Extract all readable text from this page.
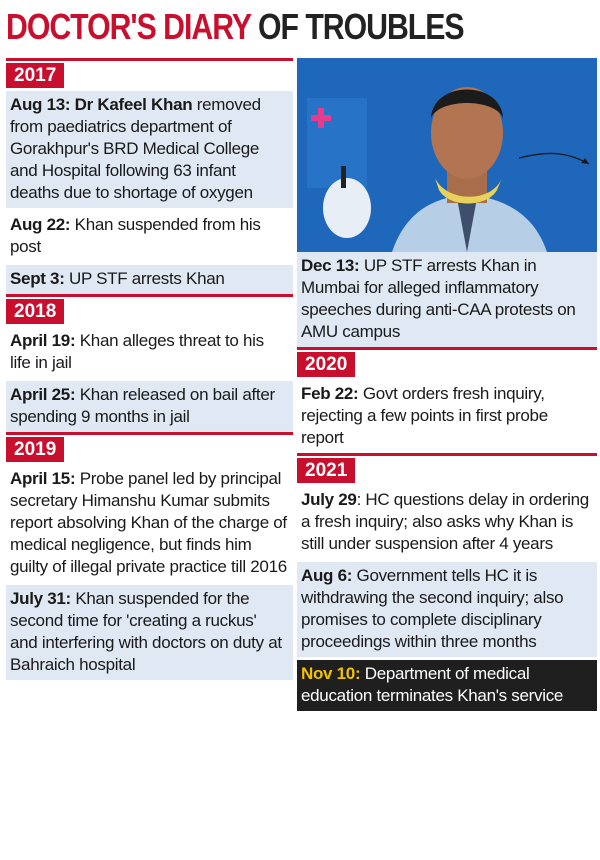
DOCTOR'S DIARY OF TROUBLES
2017
Aug 13: Dr Kafeel Khan removed from paediatrics department of Gorakhpur's BRD Medical College and Hospital following 63 infant deaths due to shortage of oxygen
Aug 22: Khan suspended from his post
Sept 3: UP STF arrests Khan
2018
April 19: Khan alleges threat to his life in jail
April 25: Khan released on bail after spending 9 months in jail
2019
April 15: Probe panel led by principal secretary Himanshu Kumar submits report absolving Khan of the charge of medical negligence, but finds him guilty of illegal private practice till 2016
July 31: Khan suspended for the second time for 'creating a ruckus' and interfering with doctors on duty at Bahraich hospital
Dec 13: UP STF arrests Khan in Mumbai for alleged inflammatory speeches during anti-CAA protests on AMU campus
2020
Feb 22: Govt orders fresh inquiry, rejecting a few points in first probe report
2021
July 29: HC questions delay in ordering a fresh inquiry; also asks why Khan is still under suspension after 4 years
Aug 6: Government tells HC it is withdrawing the second inquiry; also promises to complete disciplinary proceedings within three months
Nov 10: Department of medical education terminates Khan's service
